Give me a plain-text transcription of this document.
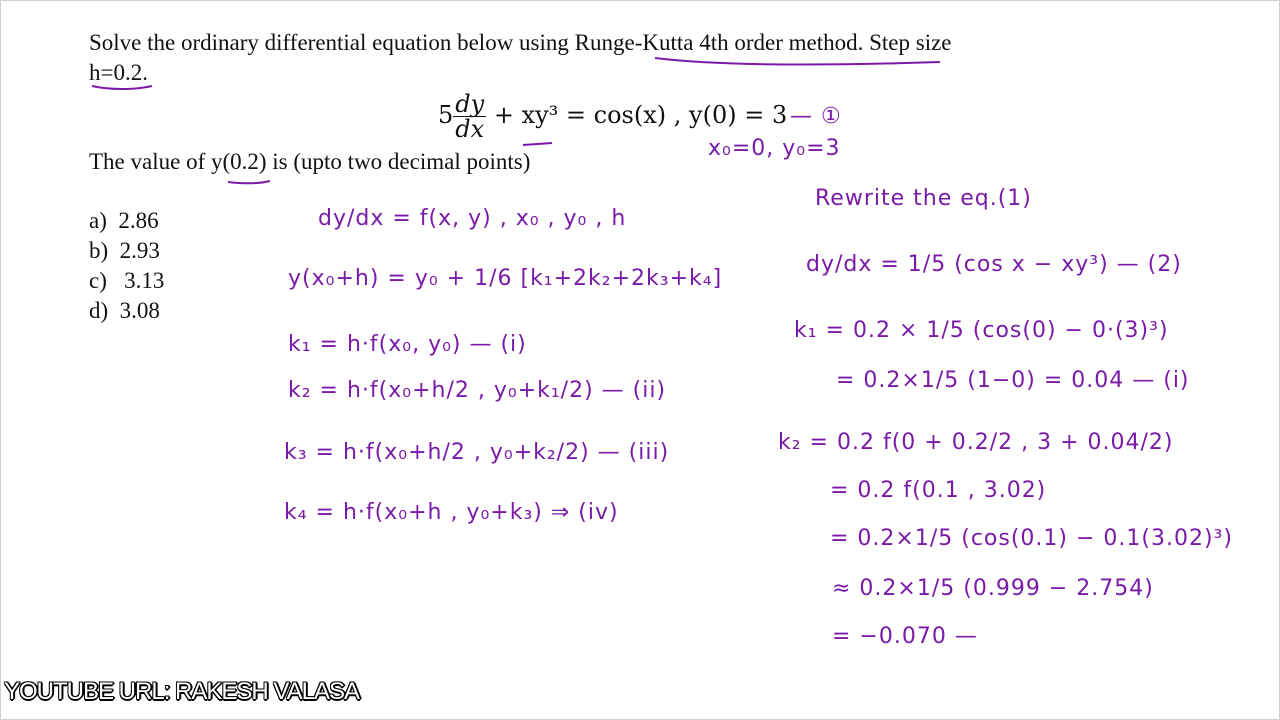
Solve the ordinary differential equation below using Runge-Kutta 4th order method. Step size
h=0.2.
$5 \frac{dy}{dx} + xy^3 = \cos(x)$ , y(0) = 3
The value of y(0.2) is (upto two decimal points)
a) 2.86
b) 2.93
c) 3.13
d) 3.08
— ①
x₀=0, y₀=3
dy/dx = f(x, y) , x₀ , y₀ , h
y(x₀+h) = y₀ + 1/6 [k₁+2k₂+2k₃+k₄]
k₁ = h·f(x₀, y₀) — (i)
k₂ = h·f(x₀+h/2 , y₀+k₁/2) — (ii)
k₃ = h·f(x₀+h/2 , y₀+k₂/2) — (iii)
k₄ = h·f(x₀+h , y₀+k₃) ⇒ (iv)
Rewrite the eq.(1)
dy/dx = 1/5 (cos x − xy³) — (2)
k₁ = 0.2 × 1/5 (cos(0) − 0·(3)³)
= 0.2×1/5 (1−0) = 0.04 — (i)
k₂ = 0.2 f(0 + 0.2/2 , 3 + 0.04/2)
= 0.2 f(0.1 , 3.02)
= 0.2×1/5 (cos(0.1) − 0.1(3.02)³)
≈ 0.2×1/5 (0.999 − 2.754)
= −0.070 —
YOUTUBE URL: RAKESH VALASA
